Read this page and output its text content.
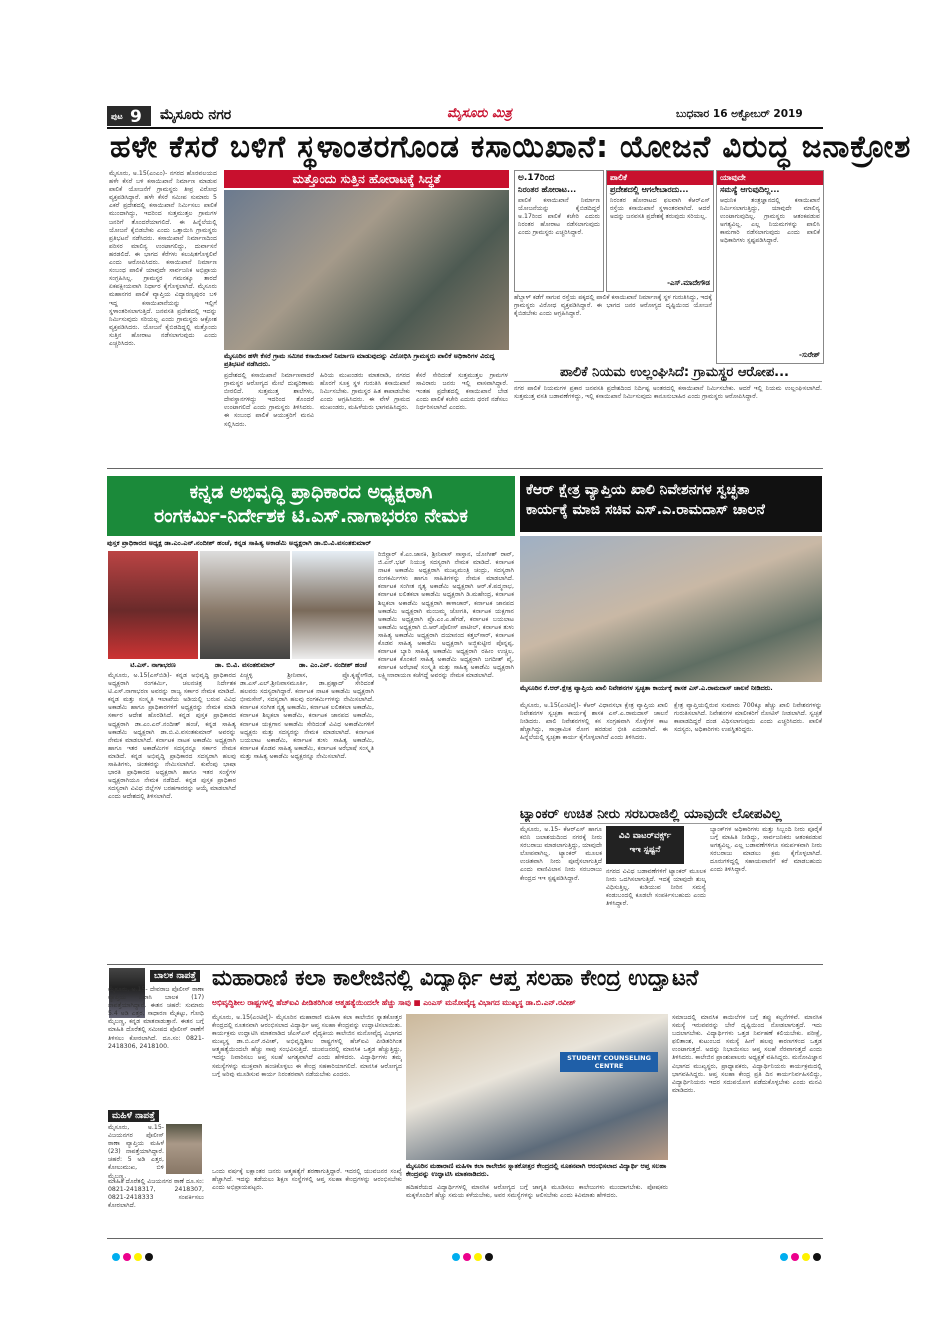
ಪುಟ 9 ಮೈಸೂರು ನಗರ	ಮೈಸೂರು ಮಿತ್ರ	ಬುಧವಾರ 16 ಅಕ್ಟೋಬರ್ 2019
ಹಳೇ ಕೆಸರೆ ಬಳಿಗೆ ಸ್ಥಳಾಂತರಗೊಂಡ ಕಸಾಯಿಖಾನೆ: ಯೋಜನೆ ವಿರುದ್ಧ ಜನಾಕ್ರೋಶ
ಮೈಸೂರು, ಅ.15(ಎಂಎಂ)- ನಗರದ ಹೊರವಲಯದ ಹಳೇ ಕೆಸರೆ ಬಳಿ ಕಸಾಯಿಖಾನೆ ನಿರ್ಮಾಣ ಮಾಡುವ ಪಾಲಿಕೆ ಯೋಜನೆಗೆ ಗ್ರಾಮಸ್ಥರು ತೀವ್ರ ವಿರೋಧ ವ್ಯಕ್ತಪಡಿಸಿದ್ದಾರೆ. ಹಳೇ ಕೆಸರೆ ಸಮೀಪ ಸುಮಾರು 5 ಎಕರೆ ಪ್ರದೇಶದಲ್ಲಿ ಕಸಾಯಿಖಾನೆ ನಿರ್ಮಿಸಲು ಪಾಲಿಕೆ ಮುಂದಾಗಿದ್ದು, ಇದರಿಂದ ಸುತ್ತಮುತ್ತಲ ಗ್ರಾಮಗಳ ಜನರಿಗೆ ತೊಂದರೆಯಾಗಲಿದೆ. ಈ ಹಿನ್ನೆಲೆಯಲ್ಲಿ ಯೋಜನೆ ಕೈಬಿಡಬೇಕು ಎಂದು ಒತ್ತಾಯಿಸಿ ಗ್ರಾಮಸ್ಥರು ಪ್ರತಿಭಟನೆ ನಡೆಸಿದರು. ಕಸಾಯಿಖಾನೆ ನಿರ್ಮಾಣದಿಂದ ಪರಿಸರ ಮಾಲಿನ್ಯ ಉಂಟಾಗಲಿದ್ದು, ದುರ್ವಾಸನೆ ಹರಡಲಿದೆ. ಈ ಭಾಗದ ಕೆರೆಗಳು ಕಲುಷಿತಗೊಳ್ಳಲಿವೆ ಎಂದು ಆರೋಪಿಸಿದರು. ಕಸಾಯಿಖಾನೆ ನಿರ್ಮಾಣ ಸಂಬಂಧ ಪಾಲಿಕೆ ಯಾವುದೇ ಸಾರ್ವಜನಿಕ ಅಭಿಪ್ರಾಯ ಸಂಗ್ರಹಿಸಿಲ್ಲ. ಗ್ರಾಮಸ್ಥರ ಗಮನಕ್ಕೂ ತಾರದೆ ಏಕಪಕ್ಷೀಯವಾಗಿ ನಿರ್ಧಾರ ಕೈಗೊಳ್ಳಲಾಗಿದೆ. ಮೈಸೂರು ಮಹಾನಗರ ಪಾಲಿಕೆ ವ್ಯಾಪ್ತಿಯ ವಿದ್ಯಾರಣ್ಯಪುರಂ ಬಳಿ ಇದ್ದ ಕಸಾಯಿಖಾನೆಯನ್ನು ಇಲ್ಲಿಗೆ ಸ್ಥಳಾಂತರಿಸಲಾಗುತ್ತಿದೆ. ಜನವಸತಿ ಪ್ರದೇಶದಲ್ಲಿ ಇದನ್ನು ನಿರ್ಮಿಸುವುದು ಸರಿಯಲ್ಲ ಎಂದು ಗ್ರಾಮಸ್ಥರು ಆಕ್ರೋಶ ವ್ಯಕ್ತಪಡಿಸಿದರು. ಯೋಜನೆ ಕೈಬಿಡದಿದ್ದಲ್ಲಿ ಮತ್ತೊಂದು ಸುತ್ತಿನ ಹೋರಾಟ ನಡೆಸಲಾಗುವುದು ಎಂದು ಎಚ್ಚರಿಸಿದರು.
ಮತ್ತೊಂದು ಸುತ್ತಿನ ಹೋರಾಟಕ್ಕೆ ಸಿದ್ಧತೆ
ಮೈಸೂರಿನ ಹಳೇ ಕೆಸರೆ ಗ್ರಾಮ ಸಮೀಪ ಕಸಾಯಿಖಾನೆ ನಿರ್ಮಾಣ ಮಾಡುವುದನ್ನು ವಿರೋಧಿಸಿ ಗ್ರಾಮಸ್ಥರು ಪಾಲಿಕೆ ಅಧಿಕಾರಿಗಳ ವಿರುದ್ಧ ಪ್ರತಿಭಟನೆ ನಡೆಸಿದರು.
ಪ್ರದೇಶದಲ್ಲಿ ಕಸಾಯಿಖಾನೆ ನಿರ್ಮಾಣವಾದರೆ ಗ್ರಾಮಸ್ಥರ ಆರೋಗ್ಯದ ಮೇಲೆ ದುಷ್ಪರಿಣಾಮ ಬೀರಲಿದೆ. ಸುತ್ತಮುತ್ತ ಶಾಲೆಗಳು, ದೇವಸ್ಥಾನಗಳಿದ್ದು ಇದರಿಂದ ತೊಂದರೆ ಉಂಟಾಗಲಿದೆ ಎಂದು ಗ್ರಾಮಸ್ಥರು ತಿಳಿಸಿದರು. ಈ ಸಂಬಂಧ ಪಾಲಿಕೆ ಆಯುಕ್ತರಿಗೆ ಮನವಿ ಸಲ್ಲಿಸಿದರು.
ಹಿರಿಯ ಮುಖಂಡರು ಮಾತನಾಡಿ, ನಗರದ ಹೊರಗೆ ಸೂಕ್ತ ಸ್ಥಳ ಗುರುತಿಸಿ ಕಸಾಯಿಖಾನೆ ನಿರ್ಮಿಸಬೇಕು. ಗ್ರಾಮಸ್ಥರ ಹಿತ ಕಾಪಾಡಬೇಕು ಎಂದು ಆಗ್ರಹಿಸಿದರು. ಈ ವೇಳೆ ಗ್ರಾಮದ ಮುಖಂಡರು, ಮಹಿಳೆಯರು ಭಾಗವಹಿಸಿದ್ದರು.
ಕೆಸರೆ ಸೇರಿದಂತೆ ಸುತ್ತಮುತ್ತಲ ಗ್ರಾಮಗಳ ಸಾವಿರಾರು ಜನರು ಇಲ್ಲಿ ವಾಸವಾಗಿದ್ದಾರೆ. ಇಂತಹ ಪ್ರದೇಶದಲ್ಲಿ ಕಸಾಯಿಖಾನೆ ಬೇಡ ಎಂದು ಪಾಲಿಕೆ ಕಚೇರಿ ಎದುರು ಧರಣಿ ನಡೆಸಲು ನಿರ್ಧರಿಸಲಾಗಿದೆ ಎಂದರು.
ಅ.17ರಿಂದ
ನಿರಂತರ ಹೋರಾಟ...
ಪಾಲಿಕೆ ಕಸಾಯಿಖಾನೆ ನಿರ್ಮಾಣ ಯೋಜನೆಯನ್ನು ಕೈಬಿಡದಿದ್ದರೆ ಅ.17ರಿಂದ ಪಾಲಿಕೆ ಕಚೇರಿ ಎದುರು ನಿರಂತರ ಹೋರಾಟ ನಡೆಸಲಾಗುವುದು ಎಂದು ಗ್ರಾಮಸ್ಥರು ಎಚ್ಚರಿಸಿದ್ದಾರೆ.
ಪಾಲಿಕೆ
ಪ್ರದೇಶದಲ್ಲಿ ಆಗಲೇಬಾರದು...
ನಿರಂತರ ಹೋರಾಟದ ಫಲವಾಗಿ ಕೆಆರ್‌ಎಸ್ ರಸ್ತೆಯ ಕಸಾಯಿಖಾನೆ ಸ್ಥಳಾಂತರವಾಗಿದೆ. ಆದರೆ ಅದನ್ನು ಜನವಸತಿ ಪ್ರದೇಶಕ್ಕೆ ತರುವುದು ಸರಿಯಲ್ಲ.
-ಎಸ್.ಮಾದೇಗೌಡ
ಯಾವುದೇ
ಸಮಸ್ಯೆ ಆಗುವುದಿಲ್ಲ...
ಆಧುನಿಕ ತಂತ್ರಜ್ಞಾನದಲ್ಲಿ ಕಸಾಯಿಖಾನೆ ನಿರ್ಮಿಸಲಾಗುತ್ತಿದ್ದು, ಯಾವುದೇ ಮಾಲಿನ್ಯ ಉಂಟಾಗುವುದಿಲ್ಲ. ಗ್ರಾಮಸ್ಥರು ಆತಂಕಪಡುವ ಅಗತ್ಯವಿಲ್ಲ. ಎಲ್ಲ ನಿಯಮಗಳನ್ನು ಪಾಲಿಸಿ ಕಾಮಗಾರಿ ನಡೆಸಲಾಗುವುದು ಎಂದು ಪಾಲಿಕೆ ಅಧಿಕಾರಿಗಳು ಸ್ಪಷ್ಟಪಡಿಸಿದ್ದಾರೆ.
-ಸುರೇಶ್
ಹೆಬ್ಬಾಳ್ ಕಡೆಗೆ ಸಾಗುವ ರಸ್ತೆಯ ಪಕ್ಕದಲ್ಲಿ ಪಾಲಿಕೆ ಕಸಾಯಿಖಾನೆ ನಿರ್ಮಾಣಕ್ಕೆ ಸ್ಥಳ ಗುರುತಿಸಿದ್ದು, ಇದಕ್ಕೆ ಗ್ರಾಮಸ್ಥರು ವಿರೋಧ ವ್ಯಕ್ತಪಡಿಸಿದ್ದಾರೆ. ಈ ಭಾಗದ ಜನರ ಆರೋಗ್ಯದ ದೃಷ್ಟಿಯಿಂದ ಯೋಜನೆ ಕೈಬಿಡಬೇಕು ಎಂದು ಆಗ್ರಹಿಸಿದ್ದಾರೆ.
ಪಾಲಿಕೆ ನಿಯಮ ಉಲ್ಲಂಘಿಸಿದೆ: ಗ್ರಾಮಸ್ಥರ ಆರೋಪ...
ನಗರ ಪಾಲಿಕೆ ನಿಯಮಗಳ ಪ್ರಕಾರ ಜನವಸತಿ ಪ್ರದೇಶದಿಂದ ನಿರ್ದಿಷ್ಟ ಅಂತರದಲ್ಲಿ ಕಸಾಯಿಖಾನೆ ನಿರ್ಮಿಸಬೇಕು. ಆದರೆ ಇಲ್ಲಿ ನಿಯಮ ಉಲ್ಲಂಘಿಸಲಾಗಿದೆ. ಸುತ್ತಮುತ್ತ ವಸತಿ ಬಡಾವಣೆಗಳಿದ್ದು, ಇಲ್ಲಿ ಕಸಾಯಿಖಾನೆ ನಿರ್ಮಿಸುವುದು ಕಾನೂನುಬಾಹಿರ ಎಂದು ಗ್ರಾಮಸ್ಥರು ಆರೋಪಿಸಿದ್ದಾರೆ.
ಕನ್ನಡ ಅಭಿವೃದ್ಧಿ ಪ್ರಾಧಿಕಾರದ ಅಧ್ಯಕ್ಷರಾಗಿ
ರಂಗಕರ್ಮಿ-ನಿರ್ದೇಶಕ ಟಿ.ಎಸ್.ನಾಗಾಭರಣ ನೇಮಕ
ಪುಸ್ತಕ ಪ್ರಾಧಿಕಾರದ ಅಧ್ಯಕ್ಷ ಡಾ.ಎಂ.ಎನ್.ನಂದೀಶ್ ಹಂಚೆ, ಕನ್ನಡ ಸಾಹಿತ್ಯ ಅಕಾಡೆಮಿ ಅಧ್ಯಕ್ಷರಾಗಿ ಡಾ.ಬಿ.ವಿ.ವಸಂತಕುಮಾರ್
ಟಿ.ಎಸ್. ನಾಗಾಭರಣ	ಡಾ. ಬಿ.ವಿ. ವಸಂತಕುಮಾರ್	ಡಾ. ಎಂ.ಎನ್. ನಂದೀಶ್ ಹಂಚೆ
ಮೈಸೂರು, ಅ.15(ಎಸ್‌ಬಿಡಿ)- ಕನ್ನಡ ಅಭಿವೃದ್ಧಿ ಪ್ರಾಧಿಕಾರದ ಅಧ್ಯಕ್ಷರಾಗಿ ರಂಗಕರ್ಮಿ, ಚಲನಚಿತ್ರ ನಿರ್ದೇಶಕ ಟಿ.ಎಸ್.ನಾಗಾಭರಣ ಅವರನ್ನು ರಾಜ್ಯ ಸರ್ಕಾರ ನೇಮಕ ಮಾಡಿದೆ. ಕನ್ನಡ ಮತ್ತು ಸಂಸ್ಕೃತಿ ಇಲಾಖೆಯ ಅಡಿಯಲ್ಲಿ ಬರುವ ವಿವಿಧ ಅಕಾಡೆಮಿ ಹಾಗೂ ಪ್ರಾಧಿಕಾರಗಳಿಗೆ ಅಧ್ಯಕ್ಷರನ್ನು ನೇಮಕ ಮಾಡಿ ಸರ್ಕಾರ ಆದೇಶ ಹೊರಡಿಸಿದೆ. ಕನ್ನಡ ಪುಸ್ತಕ ಪ್ರಾಧಿಕಾರದ ಅಧ್ಯಕ್ಷರಾಗಿ ಡಾ.ಎಂ.ಎನ್.ನಂದೀಶ್ ಹಂಚೆ, ಕನ್ನಡ ಸಾಹಿತ್ಯ ಅಕಾಡೆಮಿ ಅಧ್ಯಕ್ಷರಾಗಿ ಡಾ.ಬಿ.ವಿ.ವಸಂತಕುಮಾರ್ ಅವರನ್ನು ನೇಮಕ ಮಾಡಲಾಗಿದೆ. ಕರ್ನಾಟಕ ನಾಟಕ ಅಕಾಡೆಮಿ ಅಧ್ಯಕ್ಷರಾಗಿ ಹಾಗೂ ಇತರ ಅಕಾಡೆಮಿಗಳ ಸದಸ್ಯರನ್ನೂ ಸರ್ಕಾರ ನೇಮಕ ಮಾಡಿದೆ. ಕನ್ನಡ ಅಭಿವೃದ್ಧಿ ಪ್ರಾಧಿಕಾರದ ಸದಸ್ಯರಾಗಿ ಹಲವು ಸಾಹಿತಿಗಳು, ಚಿಂತಕರನ್ನು ನೇಮಿಸಲಾಗಿದೆ. ಕುವೆಂಪು ಭಾಷಾ ಭಾರತಿ ಪ್ರಾಧಿಕಾರದ ಅಧ್ಯಕ್ಷರಾಗಿ ಹಾಗೂ ಇತರ ಸಂಸ್ಥೆಗಳ ಅಧ್ಯಕ್ಷರಾಗಿಯೂ ನೇಮಕ ನಡೆದಿದೆ. ಕನ್ನಡ ಪುಸ್ತಕ ಪ್ರಾಧಿಕಾರ ಸದಸ್ಯರಾಗಿ ವಿವಿಧ ಜಿಲ್ಲೆಗಳ ಬರಹಗಾರರನ್ನು ಆಯ್ಕೆ ಮಾಡಲಾಗಿದೆ ಎಂದು ಆದೇಶದಲ್ಲಿ ತಿಳಿಸಲಾಗಿದೆ.
ಪಿಚ್ಚಳ್ಳಿ ಶ್ರೀನಿವಾಸ, ಪ್ರೊ.ಕೃಷ್ಣೇಗೌಡ, ಡಾ.ಎಸ್.ಎಲ್.ಶ್ರೀನಿವಾಸಮೂರ್ತಿ, ಡಾ.ಪ್ರಹ್ಲಾದ್ ಸೇರಿದಂತೆ ಹಲವರು ಸದಸ್ಯರಾಗಿದ್ದಾರೆ. ಕರ್ನಾಟಕ ನಾಟಕ ಅಕಾಡೆಮಿ ಅಧ್ಯಕ್ಷರಾಗಿ ಭೀಮಸೇನ್, ಸದಸ್ಯರಾಗಿ ಹಲವು ರಂಗಕರ್ಮಿಗಳನ್ನು ನೇಮಿಸಲಾಗಿದೆ. ಕರ್ನಾಟಕ ಸಂಗೀತ ನೃತ್ಯ ಅಕಾಡೆಮಿ, ಕರ್ನಾಟಕ ಲಲಿತಕಲಾ ಅಕಾಡೆಮಿ, ಕರ್ನಾಟಕ ಶಿಲ್ಪಕಲಾ ಅಕಾಡೆಮಿ, ಕರ್ನಾಟಕ ಜಾನಪದ ಅಕಾಡೆಮಿ, ಕರ್ನಾಟಕ ಯಕ್ಷಗಾನ ಅಕಾಡೆಮಿ ಸೇರಿದಂತೆ ವಿವಿಧ ಅಕಾಡೆಮಿಗಳಿಗೆ ಅಧ್ಯಕ್ಷರು ಮತ್ತು ಸದಸ್ಯರನ್ನು ನೇಮಕ ಮಾಡಲಾಗಿದೆ. ಕರ್ನಾಟಕ ಬಯಲಾಟ ಅಕಾಡೆಮಿ, ಕರ್ನಾಟಕ ತುಳು ಸಾಹಿತ್ಯ ಅಕಾಡೆಮಿ, ಕರ್ನಾಟಕ ಕೊಡವ ಸಾಹಿತ್ಯ ಅಕಾಡೆಮಿ, ಕರ್ನಾಟಕ ಅರೆಭಾಷೆ ಸಂಸ್ಕೃತಿ ಮತ್ತು ಸಾಹಿತ್ಯ ಅಕಾಡೆಮಿ ಅಧ್ಯಕ್ಷರನ್ನೂ ನೇಮಿಸಲಾಗಿದೆ.
ರಿಜಿಸ್ಟ್ರಾರ್ ಕೆ.ಎಂ.ಜಾನಕಿ, ಶ್ರೀನಿವಾಸ್ ಸಾಸ್ತಾನ, ಯೋಗೀಶ್ ರಾವ್, ಜಿ.ಎನ್.ಭಟ್ ನಿಯುಕ್ತ ಸದಸ್ಯರಾಗಿ ನೇಮಕ ಮಾಡಿದೆ. ಕರ್ನಾಟಕ ನಾಟಕ ಅಕಾಡೆಮಿ ಅಧ್ಯಕ್ಷರಾಗಿ ಮುಖ್ಯಮಂತ್ರಿ ಚಂದ್ರು, ಸದಸ್ಯರಾಗಿ ರಂಗಕರ್ಮಿಗಳು ಹಾಗೂ ಸಾಹಿತಿಗಳನ್ನು ನೇಮಕ ಮಾಡಲಾಗಿದೆ. ಕರ್ನಾಟಕ ಸಂಗೀತ ನೃತ್ಯ ಅಕಾಡೆಮಿ ಅಧ್ಯಕ್ಷರಾಗಿ ಆರ್.ಕೆ.ಪದ್ಮನಾಭ, ಕರ್ನಾಟಕ ಲಲಿತಕಲಾ ಅಕಾಡೆಮಿ ಅಧ್ಯಕ್ಷರಾಗಿ ಡಿ.ಮಹೇಂದ್ರ, ಕರ್ನಾಟಕ ಶಿಲ್ಪಕಲಾ ಅಕಾಡೆಮಿ ಅಧ್ಯಕ್ಷರಾಗಿ ಕಾಳಾಚಾರ್, ಕರ್ನಾಟಕ ಜಾನಪದ ಅಕಾಡೆಮಿ ಅಧ್ಯಕ್ಷರಾಗಿ ಮಂಜಮ್ಮ ಜೋಗತಿ, ಕರ್ನಾಟಕ ಯಕ್ಷಗಾನ ಅಕಾಡೆಮಿ ಅಧ್ಯಕ್ಷರಾಗಿ ಪ್ರೊ.ಎಂ.ಎ.ಹೆಗಡೆ, ಕರ್ನಾಟಕ ಬಯಲಾಟ ಅಕಾಡೆಮಿ ಅಧ್ಯಕ್ಷರಾಗಿ ಬಿ.ಆರ್.ಪೊಲೀಸ್ ಪಾಟೀಲ್, ಕರ್ನಾಟಕ ತುಳು ಸಾಹಿತ್ಯ ಅಕಾಡೆಮಿ ಅಧ್ಯಕ್ಷರಾಗಿ ದಯಾನಂದ ಕತ್ತಲ್‌ಸಾರ್, ಕರ್ನಾಟಕ ಕೊಡವ ಸಾಹಿತ್ಯ ಅಕಾಡೆಮಿ ಅಧ್ಯಕ್ಷರಾಗಿ ಅಜ್ಜಿಕುಟ್ಟೀರ ಪೊನ್ನಪ್ಪ, ಕರ್ನಾಟಕ ಬ್ಯಾರಿ ಸಾಹಿತ್ಯ ಅಕಾಡೆಮಿ ಅಧ್ಯಕ್ಷರಾಗಿ ರಹೀಂ ಉಚ್ಚಿಲ, ಕರ್ನಾಟಕ ಕೊಂಕಣಿ ಸಾಹಿತ್ಯ ಅಕಾಡೆಮಿ ಅಧ್ಯಕ್ಷರಾಗಿ ಜಗದೀಶ್ ಪೈ, ಕರ್ನಾಟಕ ಅರೆಭಾಷೆ ಸಂಸ್ಕೃತಿ ಮತ್ತು ಸಾಹಿತ್ಯ ಅಕಾಡೆಮಿ ಅಧ್ಯಕ್ಷರಾಗಿ ಲಕ್ಷ್ಮೀನಾರಾಯಣ ಕಜೆಗದ್ದೆ ಅವರನ್ನು ನೇಮಕ ಮಾಡಲಾಗಿದೆ.
ಕೆಆರ್ ಕ್ಷೇತ್ರ ವ್ಯಾಪ್ತಿಯ ಖಾಲಿ ನಿವೇಶನಗಳ ಸ್ವಚ್ಛತಾ
ಕಾರ್ಯಕ್ಕೆ ಮಾಜಿ ಸಚಿವ ಎಸ್.ಎ.ರಾಮದಾಸ್ ಚಾಲನೆ
ಮೈಸೂರಿನ ಕೆ.ಆರ್.ಕ್ಷೇತ್ರ ವ್ಯಾಪ್ತಿಯ ಖಾಲಿ ನಿವೇಶನಗಳ ಸ್ವಚ್ಛತಾ ಕಾರ್ಯಕ್ಕೆ ಶಾಸಕ ಎಸ್.ಎ.ರಾಮದಾಸ್ ಚಾಲನೆ ನೀಡಿದರು.
ಮೈಸೂರು, ಅ.15(ಎಂಟಿವೈ)- ಕೆಆರ್ ವಿಧಾನಸಭಾ ಕ್ಷೇತ್ರ ವ್ಯಾಪ್ತಿಯ ಖಾಲಿ ನಿವೇಶನಗಳ ಸ್ವಚ್ಛತಾ ಕಾರ್ಯಕ್ಕೆ ಶಾಸಕ ಎಸ್.ಎ.ರಾಮದಾಸ್ ಚಾಲನೆ ನೀಡಿದರು. ಖಾಲಿ ನಿವೇಶನಗಳಲ್ಲಿ ಕಸ ಸಂಗ್ರಹವಾಗಿ ಸೊಳ್ಳೆಗಳ ಕಾಟ ಹೆಚ್ಚಾಗಿದ್ದು, ಸಾಂಕ್ರಾಮಿಕ ರೋಗ ಹರಡುವ ಭೀತಿ ಎದುರಾಗಿದೆ. ಈ ಹಿನ್ನೆಲೆಯಲ್ಲಿ ಸ್ವಚ್ಛತಾ ಕಾರ್ಯ ಕೈಗೊಳ್ಳಲಾಗಿದೆ ಎಂದು ತಿಳಿಸಿದರು.
ಕ್ಷೇತ್ರ ವ್ಯಾಪ್ತಿಯಲ್ಲಿರುವ ಸುಮಾರು 700ಕ್ಕೂ ಹೆಚ್ಚು ಖಾಲಿ ನಿವೇಶನಗಳನ್ನು ಗುರುತಿಸಲಾಗಿದೆ. ನಿವೇಶನಗಳ ಮಾಲೀಕರಿಗೆ ನೋಟಿಸ್ ನೀಡಲಾಗಿದೆ. ಸ್ವಚ್ಛತೆ ಕಾಪಾಡದಿದ್ದರೆ ದಂಡ ವಿಧಿಸಲಾಗುವುದು ಎಂದು ಎಚ್ಚರಿಸಿದರು. ಪಾಲಿಕೆ ಸದಸ್ಯರು, ಅಧಿಕಾರಿಗಳು ಉಪಸ್ಥಿತರಿದ್ದರು.
ಟ್ಯಾಂಕರ್ ಉಚಿತ ನೀರು ಸರಬರಾಜಿಲ್ಲಿ ಯಾವುದೇ ಲೋಪವಿಲ್ಲ
ವಿವಿ ವಾಟರ್‌ವರ್ಕ್ಸ್
ಇಇ ಸ್ಪಷ್ಟನೆ
ಮೈಸೂರು, ಅ.15- ಕೆಆರ್‌ಎಸ್ ಹಾಗೂ ಕಬಿನಿ ಜಲಾಶಯದಿಂದ ನಗರಕ್ಕೆ ನೀರು ಸರಬರಾಜು ಮಾಡಲಾಗುತ್ತಿದ್ದು, ಯಾವುದೇ ಲೋಪವಾಗಿಲ್ಲ. ಟ್ಯಾಂಕರ್ ಮೂಲಕ ಉಚಿತವಾಗಿ ನೀರು ಪೂರೈಸಲಾಗುತ್ತಿದೆ ಎಂದು ವಾಣಿವಿಲಾಸ ನೀರು ಸರಬರಾಜು ಕೇಂದ್ರದ ಇಇ ಸ್ಪಷ್ಟಪಡಿಸಿದ್ದಾರೆ.
ನಗರದ ವಿವಿಧ ಬಡಾವಣೆಗಳಿಗೆ ಟ್ಯಾಂಕರ್ ಮೂಲಕ ನೀರು ಒದಗಿಸಲಾಗುತ್ತಿದೆ. ಇದಕ್ಕೆ ಯಾವುದೇ ಶುಲ್ಕ ವಿಧಿಸುತ್ತಿಲ್ಲ. ಕುಡಿಯುವ ನೀರಿನ ಸಮಸ್ಯೆ ಕಂಡುಬಂದಲ್ಲಿ ಕೂಡಲೇ ಸಂಪರ್ಕಿಸಬಹುದು ಎಂದು ತಿಳಿಸಿದ್ದಾರೆ.
ಬ್ಯಾಂಕ್‌ಗಳ ಅಧಿಕಾರಿಗಳು ಮತ್ತು ಸಿಬ್ಬಂದಿ ನೀರು ಪೂರೈಕೆ ಬಗ್ಗೆ ಮಾಹಿತಿ ನೀಡಿದ್ದು, ಸಾರ್ವಜನಿಕರು ಆತಂಕಪಡುವ ಅಗತ್ಯವಿಲ್ಲ. ಎಲ್ಲ ಬಡಾವಣೆಗಳಿಗೂ ಸಮರ್ಪಕವಾಗಿ ನೀರು ಸರಬರಾಜು ಮಾಡಲು ಕ್ರಮ ಕೈಗೊಳ್ಳಲಾಗಿದೆ. ದೂರುಗಳಿದ್ದಲ್ಲಿ ಸಹಾಯವಾಣಿಗೆ ಕರೆ ಮಾಡಬಹುದು ಎಂದು ತಿಳಿಸಿದ್ದಾರೆ.
ಬಾಲಕ ನಾಪತ್ತೆ
ಮೈಸೂರು, ಅ.15- ದೇವರಾಜ ಪೊಲೀಸ್ ಠಾಣಾ ವ್ಯಾಪ್ತಿಯ ನಿವಾಸಿ ಬಾಲಕ (17) ನಾಪತ್ತೆಯಾಗಿದ್ದಾನೆ. ಈತನ ಚಹರೆ: ಸುಮಾರು 5.4 ಅಡಿ ಎತ್ತರ, ಸಾಧಾರಣ ಮೈಕಟ್ಟು, ಗೋಧಿ ಮೈಬಣ್ಣ, ಕನ್ನಡ ಮಾತನಾಡುತ್ತಾನೆ. ಈತನ ಬಗ್ಗೆ ಮಾಹಿತಿ ದೊರೆತಲ್ಲಿ ಸಮೀಪದ ಪೊಲೀಸ್ ಠಾಣೆಗೆ ತಿಳಿಸಲು ಕೋರಲಾಗಿದೆ. ದೂ.ಸಂ: 0821-2418306, 2418100.
ಮಹಿಳೆ ನಾಪತ್ತೆ
ಮೈಸೂರು, ಅ.15- ವಿಜಯನಗರ ಪೊಲೀಸ್ ಠಾಣಾ ವ್ಯಾಪ್ತಿಯ ಮಹಿಳೆ (23) ನಾಪತ್ತೆಯಾಗಿದ್ದಾರೆ. ಚಹರೆ: 5 ಅಡಿ ಎತ್ತರ, ಕೋಲುಮುಖ, ಬಿಳಿ ಮೈಬಣ್ಣ.
ಮಾಹಿತಿ ದೊರೆತಲ್ಲಿ ವಿಜಯನಗರ ಠಾಣೆ ದೂ.ಸಂ: 0821-2418317, 2418307, 0821-2418333 ಸಂಪರ್ಕಿಸಲು ಕೋರಲಾಗಿದೆ.
ಮಹಾರಾಣಿ ಕಲಾ ಕಾಲೇಜಿನಲ್ಲಿ ವಿದ್ಯಾರ್ಥಿ ಆಪ್ತ ಸಲಹಾ ಕೇಂದ್ರ ಉದ್ಘಾಟನೆ
ಅಭಿವೃದ್ಧಿಶೀಲ ರಾಷ್ಟ್ರಗಳಲ್ಲಿ ಹೆಚ್‌ಐವಿ ಪೀಡಿತರಿಗಿಂತ ಆತ್ಮಹತ್ಯೆಯಿಂದಲೇ ಹೆಚ್ಚು ಸಾವು ■ ಎಂಎಸ್ ಮನೋವೈದ್ಯ ವಿಭಾಗದ ಮುಖ್ಯಸ್ಥ ಡಾ.ಬಿ.ಎನ್.ರವೀಶ್
ಮೈಸೂರು, ಅ.15(ಎಂಟಿವೈ)- ಮೈಸೂರಿನ ಮಹಾರಾಣಿ ಮಹಿಳಾ ಕಲಾ ಕಾಲೇಜಿನ ಸ್ನಾತಕೋತ್ತರ ಕೇಂದ್ರದಲ್ಲಿ ನೂತನವಾಗಿ ಆರಂಭಿಸಲಾದ ವಿದ್ಯಾರ್ಥಿ ಆಪ್ತ ಸಲಹಾ ಕೇಂದ್ರವನ್ನು ಉದ್ಘಾಟಿಸಲಾಯಿತು. ಕಾರ್ಯಕ್ರಮ ಉದ್ಘಾಟಿಸಿ ಮಾತನಾಡಿದ ಜೆಎಸ್‌ಎಸ್ ವೈದ್ಯಕೀಯ ಕಾಲೇಜಿನ ಮನೋವೈದ್ಯ ವಿಭಾಗದ ಮುಖ್ಯಸ್ಥ ಡಾ.ಬಿ.ಎನ್.ರವೀಶ್, ಅಭಿವೃದ್ಧಿಶೀಲ ರಾಷ್ಟ್ರಗಳಲ್ಲಿ ಹೆಚ್‌ಐವಿ ಪೀಡಿತರಿಗಿಂತ ಆತ್ಮಹತ್ಯೆಯಿಂದಲೇ ಹೆಚ್ಚು ಸಾವು ಸಂಭವಿಸುತ್ತಿದೆ. ಯುವಜನರಲ್ಲಿ ಮಾನಸಿಕ ಒತ್ತಡ ಹೆಚ್ಚುತ್ತಿದ್ದು, ಇದನ್ನು ನಿವಾರಿಸಲು ಆಪ್ತ ಸಲಹೆ ಅಗತ್ಯವಾಗಿದೆ ಎಂದು ಹೇಳಿದರು. ವಿದ್ಯಾರ್ಥಿಗಳು ತಮ್ಮ ಸಮಸ್ಯೆಗಳನ್ನು ಮುಕ್ತವಾಗಿ ಹಂಚಿಕೊಳ್ಳಲು ಈ ಕೇಂದ್ರ ಸಹಕಾರಿಯಾಗಲಿದೆ. ಮಾನಸಿಕ ಆರೋಗ್ಯದ ಬಗ್ಗೆ ಅರಿವು ಮೂಡಿಸುವ ಕಾರ್ಯ ನಿರಂತರವಾಗಿ ನಡೆಯಬೇಕು ಎಂದರು.
STUDENT COUNSELING CENTRE
ಸಮಾಜದಲ್ಲಿ ಮಾನಸಿಕ ಕಾಯಿಲೆಗಳ ಬಗ್ಗೆ ತಪ್ಪು ಕಲ್ಪನೆಗಳಿವೆ. ಮಾನಸಿಕ ಸಮಸ್ಯೆ ಇರುವವರನ್ನು ಬೇರೆ ದೃಷ್ಟಿಯಿಂದ ನೋಡಲಾಗುತ್ತದೆ. ಇದು ಬದಲಾಗಬೇಕು. ವಿದ್ಯಾರ್ಥಿಗಳು ಒತ್ತಡ ನಿರ್ವಹಣೆ ಕಲಿಯಬೇಕು. ಪರೀಕ್ಷೆ, ಫಲಿತಾಂಶ, ಕುಟುಂಬದ ಸಮಸ್ಯೆ ಹೀಗೆ ಹಲವು ಕಾರಣಗಳಿಂದ ಒತ್ತಡ ಉಂಟಾಗುತ್ತದೆ. ಅದನ್ನು ನಿಭಾಯಿಸಲು ಆಪ್ತ ಸಲಹೆ ನೆರವಾಗುತ್ತದೆ ಎಂದು ತಿಳಿಸಿದರು. ಕಾಲೇಜಿನ ಪ್ರಾಂಶುಪಾಲರು ಅಧ್ಯಕ್ಷತೆ ವಹಿಸಿದ್ದರು. ಮನೋವಿಜ್ಞಾನ ವಿಭಾಗದ ಮುಖ್ಯಸ್ಥರು, ಪ್ರಾಧ್ಯಾಪಕರು, ವಿದ್ಯಾರ್ಥಿನಿಯರು ಕಾರ್ಯಕ್ರಮದಲ್ಲಿ ಭಾಗವಹಿಸಿದ್ದರು. ಆಪ್ತ ಸಲಹಾ ಕೇಂದ್ರ ಪ್ರತಿ ದಿನ ಕಾರ್ಯನಿರ್ವಹಿಸಲಿದ್ದು, ವಿದ್ಯಾರ್ಥಿನಿಯರು ಇದರ ಸದುಪಯೋಗ ಪಡೆದುಕೊಳ್ಳಬೇಕು ಎಂದು ಮನವಿ ಮಾಡಿದರು.
ಮೈಸೂರಿನ ಮಹಾರಾಣಿ ಮಹಿಳಾ ಕಲಾ ಕಾಲೇಜಿನ ಸ್ನಾತಕೋತ್ತರ ಕೇಂದ್ರದಲ್ಲಿ ನೂತನವಾಗಿ ಆರಂಭಿಸಲಾದ ವಿದ್ಯಾರ್ಥಿ ಆಪ್ತ ಸಲಹಾ ಕೇಂದ್ರವನ್ನು ಉದ್ಘಾಟಿಸಿ ಮಾತನಾಡಿದರು.
ಒಂದು ವರ್ಷಕ್ಕೆ ಲಕ್ಷಾಂತರ ಜನರು ಆತ್ಮಹತ್ಯೆಗೆ ಶರಣಾಗುತ್ತಿದ್ದಾರೆ. ಇದರಲ್ಲಿ ಯುವಜನರ ಸಂಖ್ಯೆ ಹೆಚ್ಚಾಗಿದೆ. ಇದನ್ನು ತಡೆಯಲು ಶಿಕ್ಷಣ ಸಂಸ್ಥೆಗಳಲ್ಲಿ ಆಪ್ತ ಸಲಹಾ ಕೇಂದ್ರಗಳನ್ನು ಆರಂಭಿಸಬೇಕು ಎಂದು ಅಭಿಪ್ರಾಯಪಟ್ಟರು.	ಹದಿಹರೆಯದ ವಿದ್ಯಾರ್ಥಿಗಳಲ್ಲಿ ಮಾನಸಿಕ ಆರೋಗ್ಯದ ಬಗ್ಗೆ ಜಾಗೃತಿ ಮೂಡಿಸಲು ಕಾಲೇಜುಗಳು ಮುಂದಾಗಬೇಕು. ಪೋಷಕರು ಮಕ್ಕಳೊಂದಿಗೆ ಹೆಚ್ಚು ಸಮಯ ಕಳೆಯಬೇಕು, ಅವರ ಸಮಸ್ಯೆಗಳನ್ನು ಆಲಿಸಬೇಕು ಎಂದು ಕಿವಿಮಾತು ಹೇಳಿದರು.
